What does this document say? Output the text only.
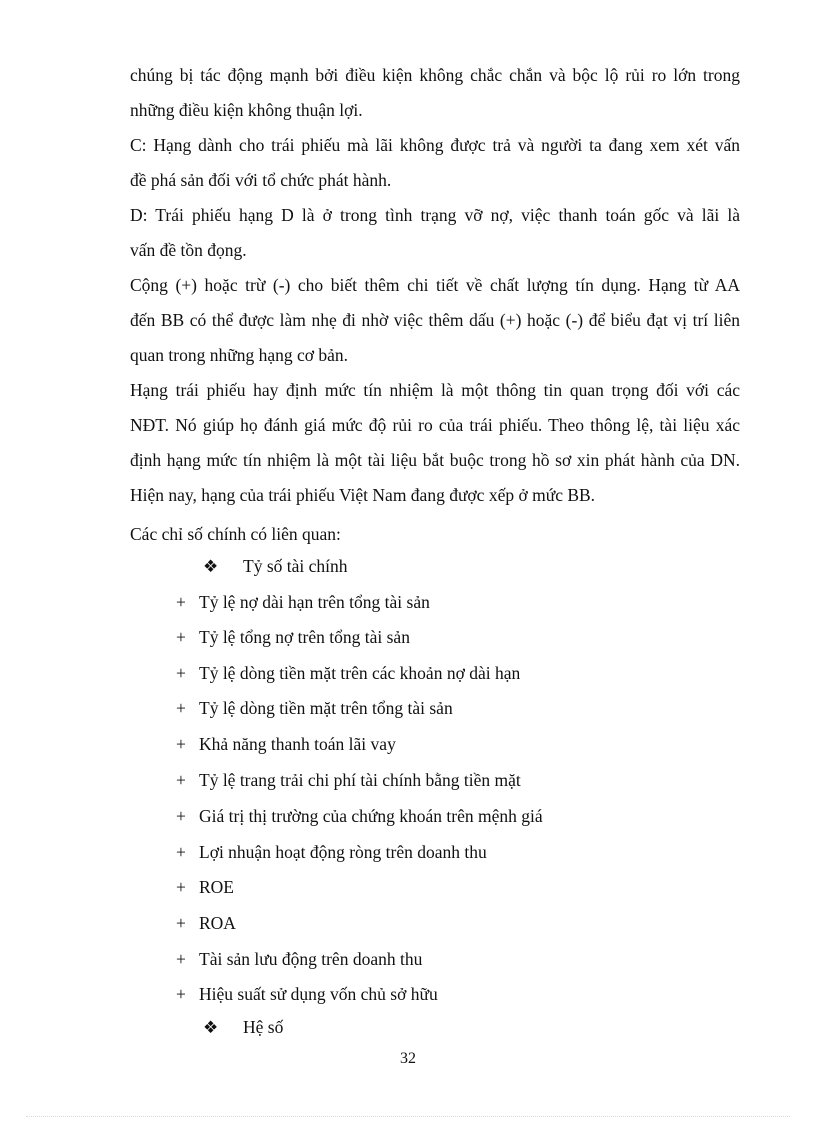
chúng bị tác động mạnh bởi điều kiện không chắc chắn và bộc lộ rủi ro lớn trong
những điều kiện không thuận lợi.
C: Hạng dành cho trái phiếu mà lãi không được trả và người ta đang xem xét vấn
đề phá sản đối với tổ chức phát hành.
D: Trái phiếu hạng D là ở trong tình trạng vỡ nợ, việc thanh toán gốc và lãi là
vấn đề tồn đọng.
Cộng (+) hoặc trừ (-) cho biết thêm chi tiết về chất lượng tín dụng. Hạng từ AA
đến BB có thể được làm nhẹ đi nhờ việc thêm dấu (+) hoặc (-) để biểu đạt vị trí liên
quan trong những hạng cơ bản.
Hạng trái phiếu hay định mức tín nhiệm là một thông tin quan trọng đối với các
NĐT. Nó giúp họ đánh giá mức độ rủi ro của trái phiếu. Theo thông lệ, tài liệu xác
định hạng mức tín nhiệm là một tài liệu bắt buộc trong hồ sơ xin phát hành của DN.
Hiện nay, hạng của trái phiếu Việt Nam đang được xếp ở mức BB.
Các chỉ số chính có liên quan:
❖ Tỷ số tài chính
+ Tỷ lệ nợ dài hạn trên tổng tài sản
+ Tỷ lệ tổng nợ trên tổng tài sản
+ Tỷ lệ dòng tiền mặt trên các khoản nợ dài hạn
+ Tỷ lệ dòng tiền mặt trên tổng tài sản
+ Khả năng thanh toán lãi vay
+ Tỷ lệ trang trải chi phí tài chính bằng tiền mặt
+ Giá trị thị trường của chứng khoán trên mệnh giá
+ Lợi nhuận hoạt động ròng trên doanh thu
+ ROE
+ ROA
+ Tài sản lưu động trên doanh thu
+ Hiệu suất sử dụng vốn chủ sở hữu
❖ Hệ số
32
